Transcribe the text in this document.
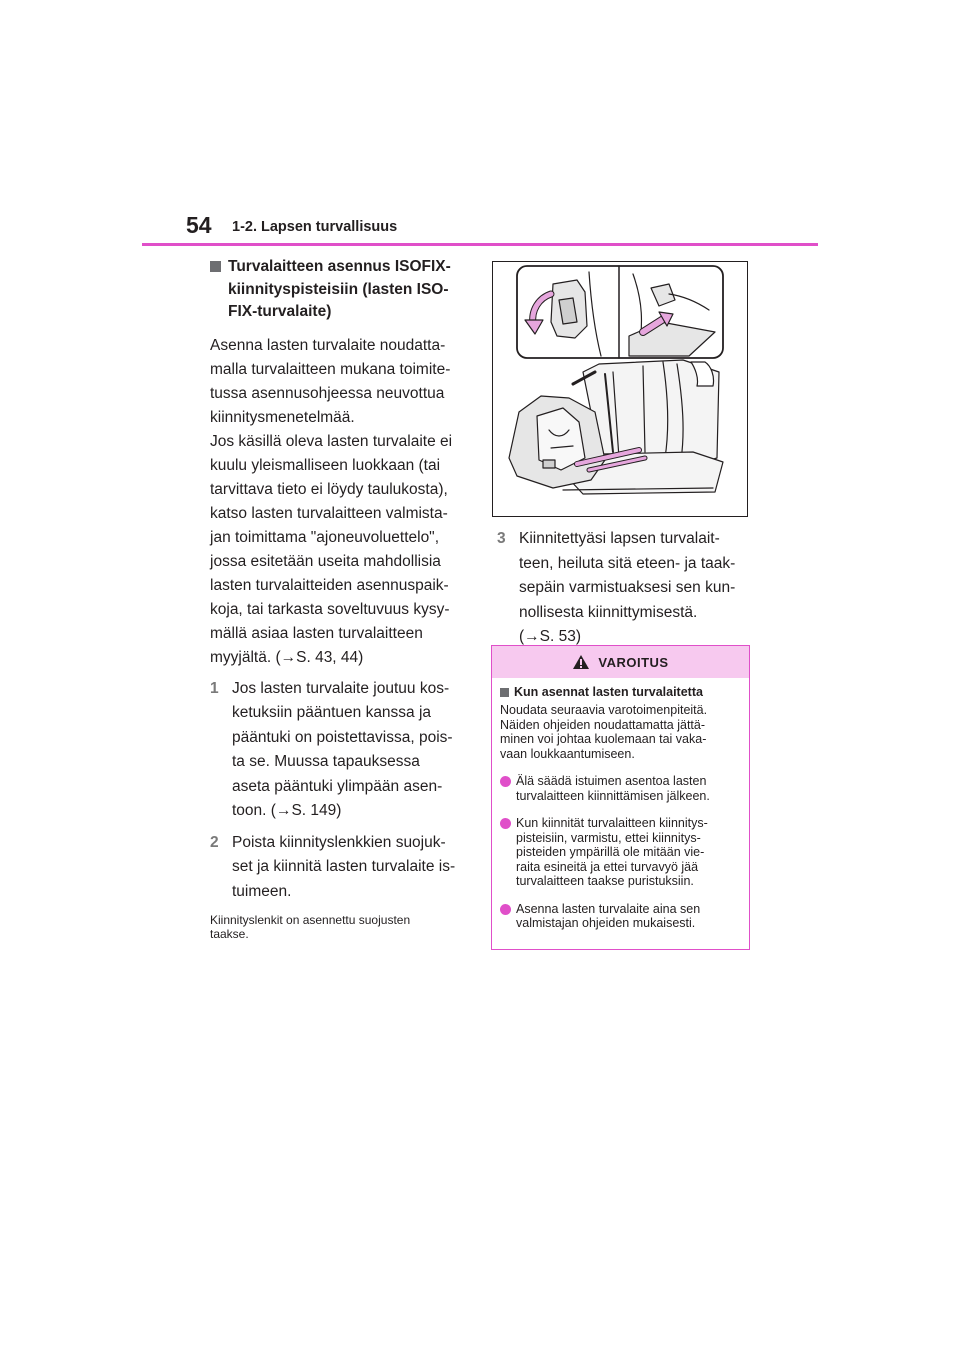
54 1-2. Lapsen turvallisuus
Turvalaitteen asennus ISOFIX-
kiinnityspisteisiin (lasten ISO-
FIX-turvalaite)
Asenna lasten turvalaite noudatta-
malla turvalaitteen mukana toimite-
tussa asennusohjeessa neuvottua
kiinnitysmenetelmää.
Jos käsillä oleva lasten turvalaite ei
kuulu yleismalliseen luokkaan (tai
tarvittava tieto ei löydy taulukosta),
katso lasten turvalaitteen valmista-
jan toimittama "ajoneuvoluettelo",
jossa esitetään useita mahdollisia
lasten turvalaitteiden asennuspaik-
koja, tai tarkasta soveltuvuus kysy-
mällä asiaa lasten turvalaitteen
myyjältä. (→S. 43, 44)
1 Jos lasten turvalaite joutuu kos-
ketuksiin pääntuen kanssa ja
pääntuki on poistettavissa, pois-
ta se. Muussa tapauksessa
aseta pääntuki ylimpään asen-
toon. (→S. 149)
2 Poista kiinnityslenkkien suojuk-
set ja kiinnitä lasten turvalaite is-
tuimeen.
Kiinnityslenkit on asennettu suojusten
taakse.
3 Kiinnitettyäsi lapsen turvalait-
teen, heiluta sitä eteen- ja taak-
sepäin varmistuaksesi sen kun-
nollisesta kiinnittymisestä.
(→S. 53)
VAROITUS
Kun asennat lasten turvalaitetta
Noudata seuraavia varotoimenpiteitä.
Näiden ohjeiden noudattamatta jättä-
minen voi johtaa kuolemaan tai vaka-
vaan loukkaantumiseen.
Älä säädä istuimen asentoa lasten
turvalaitteen kiinnittämisen jälkeen.
Kun kiinnität turvalaitteen kiinnitys-
pisteisiin, varmistu, ettei kiinnitys-
pisteiden ympärillä ole mitään vie-
raita esineitä ja ettei turvavyö jää
turvalaitteen taakse puristuksiin.
Asenna lasten turvalaite aina sen
valmistajan ohjeiden mukaisesti.
